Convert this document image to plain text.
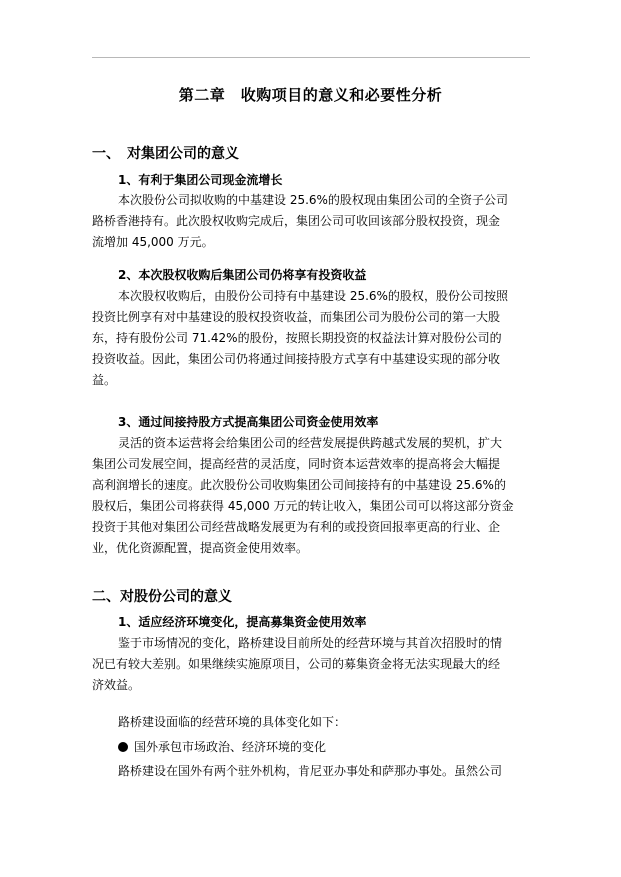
第二章　收购项目的意义和必要性分析
一、　对集团公司的意义
1、有利于集团公司现金流增长
本次股份公司拟收购的中基建设 25.6%的股权现由集团公司的全资子公司
路桥香港持有。此次股权收购完成后，集团公司可收回该部分股权投资，现金
流增加 45,000 万元。
2、本次股权收购后集团公司仍将享有投资收益
本次股权收购后，由股份公司持有中基建设 25.6%的股权，股份公司按照
投资比例享有对中基建设的股权投资收益，而集团公司为股份公司的第一大股
东，持有股份公司 71.42%的股份，按照长期投资的权益法计算对股份公司的
投资收益。因此，集团公司仍将通过间接持股方式享有中基建设实现的部分收
益。
3、通过间接持股方式提高集团公司资金使用效率
灵活的资本运营将会给集团公司的经营发展提供跨越式发展的契机，扩大
集团公司发展空间，提高经营的灵活度，同时资本运营效率的提高将会大幅提
高利润增长的速度。此次股份公司收购集团公司间接持有的中基建设 25.6%的
股权后，集团公司将获得 45,000 万元的转让收入，集团公司可以将这部分资金
投资于其他对集团公司经营战略发展更为有利的或投资回报率更高的行业、企
业，优化资源配置，提高资金使用效率。
二、对股份公司的意义
1、适应经济环境变化，提高募集资金使用效率
鉴于市场情况的变化，路桥建设目前所处的经营环境与其首次招股时的情
况已有较大差别。如果继续实施原项目，公司的募集资金将无法实现最大的经
济效益。
路桥建设面临的经营环境的具体变化如下：
国外承包市场政治、经济环境的变化
路桥建设在国外有两个驻外机构，肯尼亚办事处和萨那办事处。虽然公司
